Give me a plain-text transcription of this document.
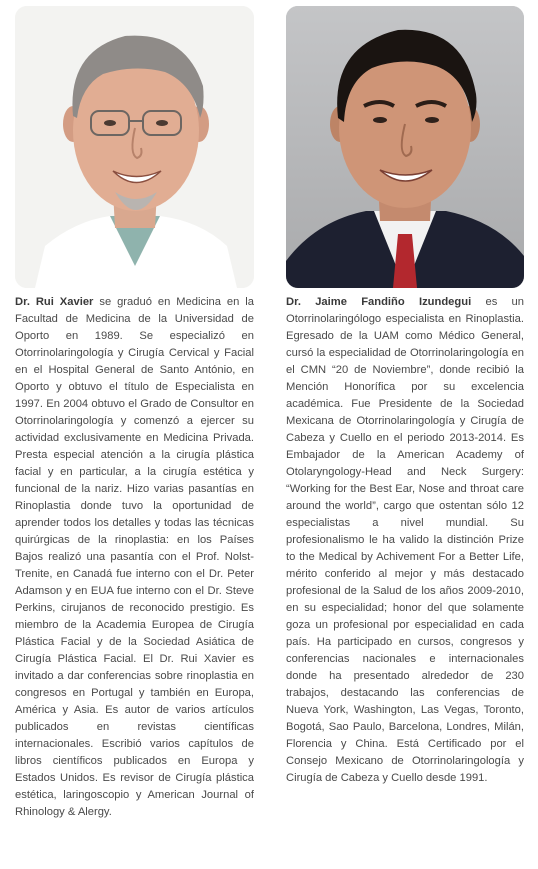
Dr. Rui Xavier se graduó en Medicina en la Facultad de Medicina de la Universidad de Oporto en 1989. Se especializó en Otorrinolaringología y Cirugía Cervical y Facial en el Hospital General de Santo António, en Oporto y obtuvo el título de Especialista en 1997. En 2004 obtuvo el Grado de Consultor en Otorrinolaringología y comenzó a ejercer su actividad exclusivamente en Medicina Privada. Presta especial atención a la cirugía plástica facial y en particular, a la cirugía estética y funcional de la nariz. Hizo varias pasantías en Rinoplastia donde tuvo la oportunidad de aprender todos los detalles y todas las técnicas quirúrgicas de la rinoplastia: en los Países Bajos realizó una pasantía con el Prof. Nolst-Trenite, en Canadá fue interno con el Dr. Peter Adamson y en EUA fue interno con el Dr. Steve Perkins, cirujanos de reconocido prestigio. Es miembro de la Academia Europea de Cirugía Plástica Facial y de la Sociedad Asiática de Cirugía Plástica Facial. El Dr. Rui Xavier es invitado a dar conferencias sobre rinoplastia en congresos en Portugal y también en Europa, América y Asia. Es autor de varios artículos publicados en revistas científicas internacionales. Escribió varios capítulos de libros científicos publicados en Europa y Estados Unidos. Es revisor de Cirugía plástica estética, laringoscopio y American Journal of Rhinology & Alergy.

Dr. Jaime Fandiño Izundegui es un Otorrinolaringólogo especialista en Rinoplastia. Egresado de la UAM como Médico General, cursó la especialidad de Otorrinolaringología en el CMN “20 de Noviembre”, donde recibió la Mención Honorífica por su excelencia académica. Fue Presidente de la Sociedad Mexicana de Otorrinolaringología y Cirugía de Cabeza y Cuello en el periodo 2013-2014. Es Embajador de la American Academy of Otolaryngology-Head and Neck Surgery: “Working for the Best Ear, Nose and throat care around the world”, cargo que ostentan sólo 12 especialistas a nivel mundial. Su profesionalismo le ha valido la distinción Prize to the Medical by Achivement For a Better Life, mérito conferido al mejor y más destacado profesional de la Salud de los años 2009-2010, en su especialidad; honor del que solamente goza un profesional por especialidad en cada país. Ha participado en cursos, congresos y conferencias nacionales e internacionales donde ha presentado alrededor de 230 trabajos, destacando las conferencias de Nueva York, Washington, Las Vegas, Toronto, Bogotá, Sao Paulo, Barcelona, Londres, Milán, Florencia y China. Está Certificado por el Consejo Mexicano de Otorrinolaringología y Cirugía de Cabeza y Cuello desde 1991.
